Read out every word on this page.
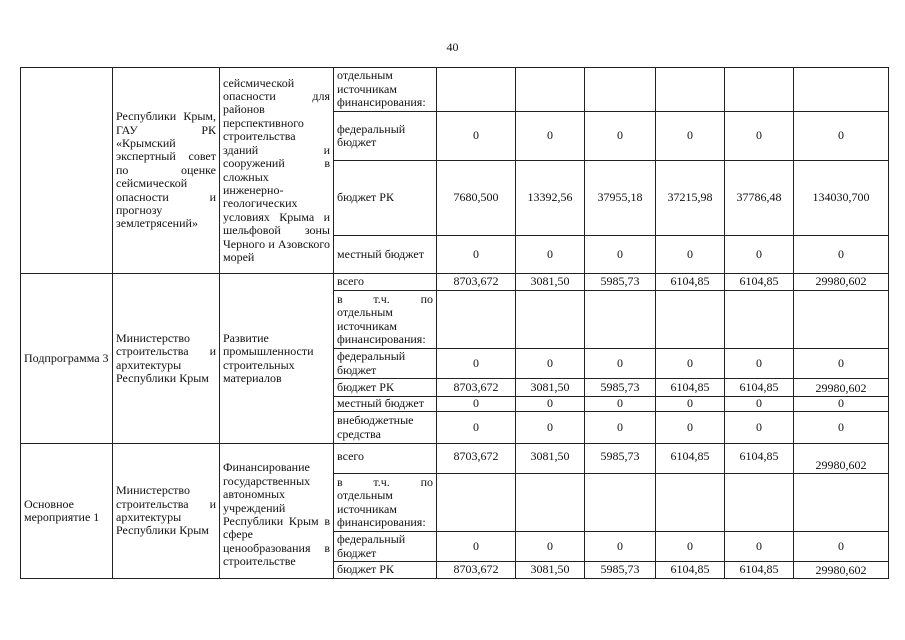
40
	Республики Крым, ГАУ РК «Крымский экспертный совет по оценке сейсмической опасности и прогнозу землетрясений»	сейсмической опасности для районов перспективного строительства зданий и сооружений в сложных инженерно-геологических условиях Крыма и шельфовой зоны Черного и Азовского морей	отдельным источникам финансирования:						
			федеральный бюджет	0	0	0	0	0	0
			бюджет РК	7680,500	13392,56	37955,18	37215,98	37786,48	134030,700
			местный бюджет	0	0	0	0	0	0
Подпрограмма 3	Министерство строительства и архитектуры Республики Крым	Развитие промышленности строительных материалов	всего	8703,672	3081,50	5985,73	6104,85	6104,85	29980,602
			в т.ч. по отдельным источникам финансирования:						
			федеральный бюджет	0	0	0	0	0	0
			бюджет РК	8703,672	3081,50	5985,73	6104,85	6104,85	29980,602
			местный бюджет	0	0	0	0	0	0
			внебюджетные средства	0	0	0	0	0	0
Основное мероприятие 1	Министерство строительства и архитектуры Республики Крым	Финансирование государственных автономных учреждений Республики Крым в сфере ценообразования в строительстве	всего	8703,672	3081,50	5985,73	6104,85	6104,85	29980,602
			в т.ч. по отдельным источникам финансирования:						
			федеральный бюджет	0	0	0	0	0	0
			бюджет РК	8703,672	3081,50	5985,73	6104,85	6104,85	29980,602
